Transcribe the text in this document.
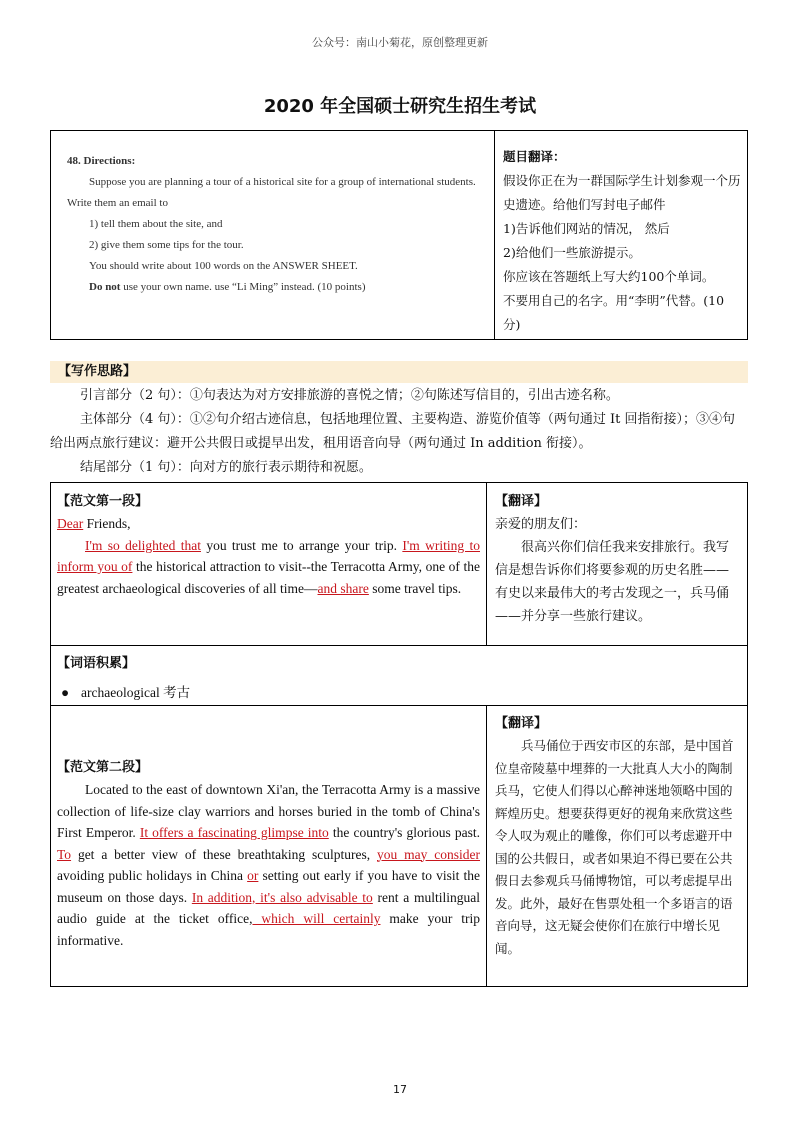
公众号：南山小菊花，原创整理更新
2020 年全国硕士研究生招生考试

48. Directions:

Suppose you are planning a tour of a historical site for a group of international students. Write them an email to

1) tell them about the site, and

2) give them some tips for the tour.

You should write about 100 words on the ANSWER SHEET.

Do not use your own name. use “Li Ming” instead. (10 points)

题目翻译：

假设你正在为一群国际学生计划参观一个历史遗迹。给他们写封电子邮件

1)告诉他们网站的情况， 然后

2)给他们一些旅游提示。

你应该在答题纸上写大约100个单词。

不要用自己的名字。用“李明”代替。(10分)

【写作思路】

引言部分（2 句）：①句表达为对方安排旅游的喜悦之情；②句陈述写信目的，引出古迹名称。

主体部分（4 句）：①②句介绍古迹信息，包括地理位置、主要构造、游览价值等（两句通过 It 回指衔接）；③④句给出两点旅行建议：避开公共假日或提早出发，租用语音向导（两句通过 In addition 衔接）。

结尾部分（1 句）：向对方的旅行表示期待和祝愿。

【范文第一段】

Dear Friends,

I'm so delighted that you trust me to arrange your trip. I'm writing to inform you of the historical attraction to visit--the Terracotta Army, one of the greatest archaeological discoveries of all time—and share some travel tips.

【翻译】

亲爱的朋友们：

很高兴你们信任我来安排旅行。我写信是想告诉你们将要参观的历史名胜——有史以来最伟大的考古发现之一，兵马俑——并分享一些旅行建议。

【词语积累】
● archaeological 考古
【范文第二段】

Located to the east of downtown Xi'an, the Terracotta Army is a massive collection of life-size clay warriors and horses buried in the tomb of China's First Emperor. It offers a fascinating glimpse into the country's glorious past. To get a better view of these breathtaking sculptures, you may consider avoiding public holidays in China or setting out early if you have to visit the museum on those days. In addition, it's also advisable to rent a multilingual audio guide at the ticket office, which will certainly make your trip informative.

【翻译】

兵马俑位于西安市区的东部，是中国首位皇帝陵墓中埋葬的一大批真人大小的陶制兵马，它使人们得以心醉神迷地领略中国的辉煌历史。想要获得更好的视角来欣赏这些令人叹为观止的雕像，你们可以考虑避开中国的公共假日，或者如果迫不得已要在公共假日去参观兵马俑博物馆，可以考虑提早出发。此外，最好在售票处租一个多语言的语音向导，这无疑会使你们在旅行中增长见闻。

17
